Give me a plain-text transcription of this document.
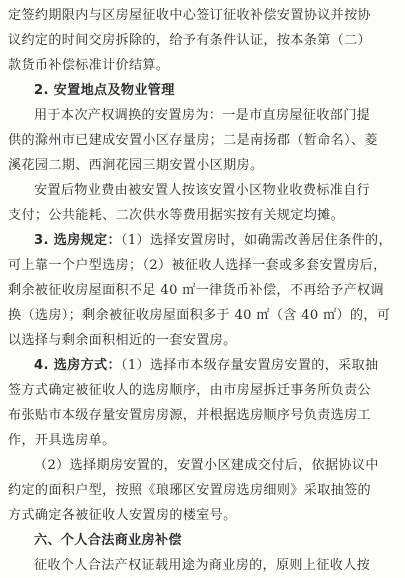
定签约期限内与区房屋征收中心签订征收补偿安置协议并按协
议约定的时间交房拆除的，给予有条件认证，按本条第（二）
款货币补偿标准计价结算。
2. 安置地点及物业管理
用于本次产权调换的安置房为：一是市直房屋征收部门提
供的滁州市已建成安置小区存量房；二是南扬郡（暂命名）、菱
溪花园二期、西涧花园三期安置小区期房。
安置后物业费由被安置人按该安置小区物业收费标准自行
支付；公共能耗、二次供水等费用据实按有关规定均摊。
3. 选房规定：（1）选择安置房时，如确需改善居住条件的，
可上靠一个户型选房；（2）被征收人选择一套或多套安置房后，
剩余被征收房屋面积不足 40 ㎡一律货币补偿，不再给予产权调
换（选房）；剩余被征收房屋面积多于 40 ㎡（含 40 ㎡）的，可
以选择与剩余面积相近的一套安置房。
4. 选房方式：（1）选择市本级存量安置房安置的，采取抽
签方式确定被征收人的选房顺序，由市房屋拆迁事务所负责公
布张贴市本级存量安置房房源，并根据选房顺序号负责选房工
作，开具选房单。
（2）选择期房安置的，安置小区建成交付后，依据协议中
约定的面积户型，按照《琅琊区安置房选房细则》采取抽签的
方式确定各被征收人安置房的楼室号。
六、个人合法商业房补偿
征收个人合法产权证载用途为商业房的，原则上征收人按
